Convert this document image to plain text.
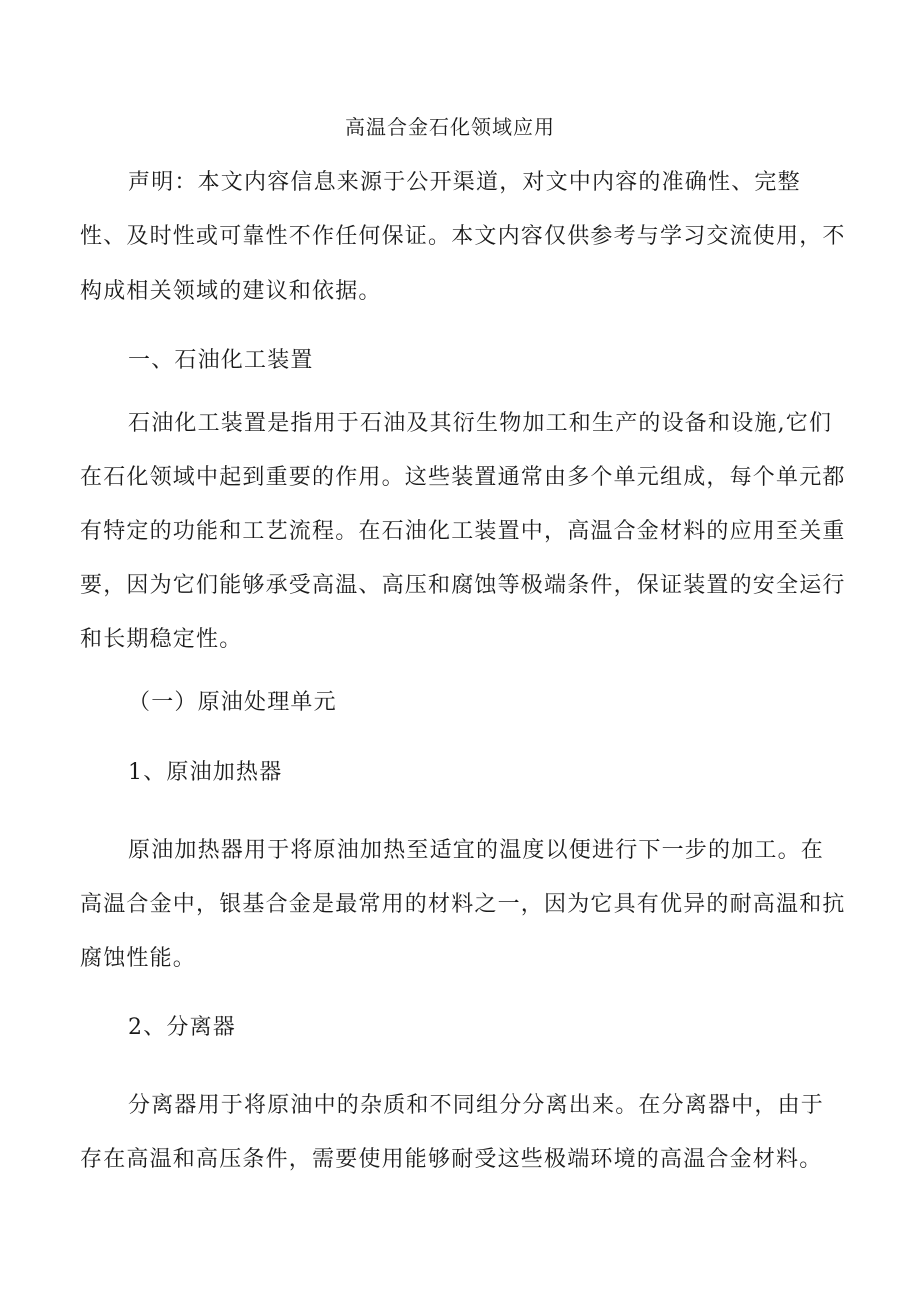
高温合金石化领域应用
声明：本文内容信息来源于公开渠道，对文中内容的准确性、完整
性、及时性或可靠性不作任何保证。本文内容仅供参考与学习交流使用，不
构成相关领域的建议和依据。
一、石油化工装置
石油化工装置是指用于石油及其衍生物加工和生产的设备和设施,它们
在石化领域中起到重要的作用。这些装置通常由多个单元组成，每个单元都
有特定的功能和工艺流程。在石油化工装置中，高温合金材料的应用至关重
要，因为它们能够承受高温、高压和腐蚀等极端条件，保证装置的安全运行
和长期稳定性。
（一）原油处理单元
1、原油加热器
原油加热器用于将原油加热至适宜的温度以便进行下一步的加工。在
高温合金中，银基合金是最常用的材料之一，因为它具有优异的耐高温和抗
腐蚀性能。
2、分离器
分离器用于将原油中的杂质和不同组分分离出来。在分离器中，由于
存在高温和高压条件，需要使用能够耐受这些极端环境的高温合金材料。
